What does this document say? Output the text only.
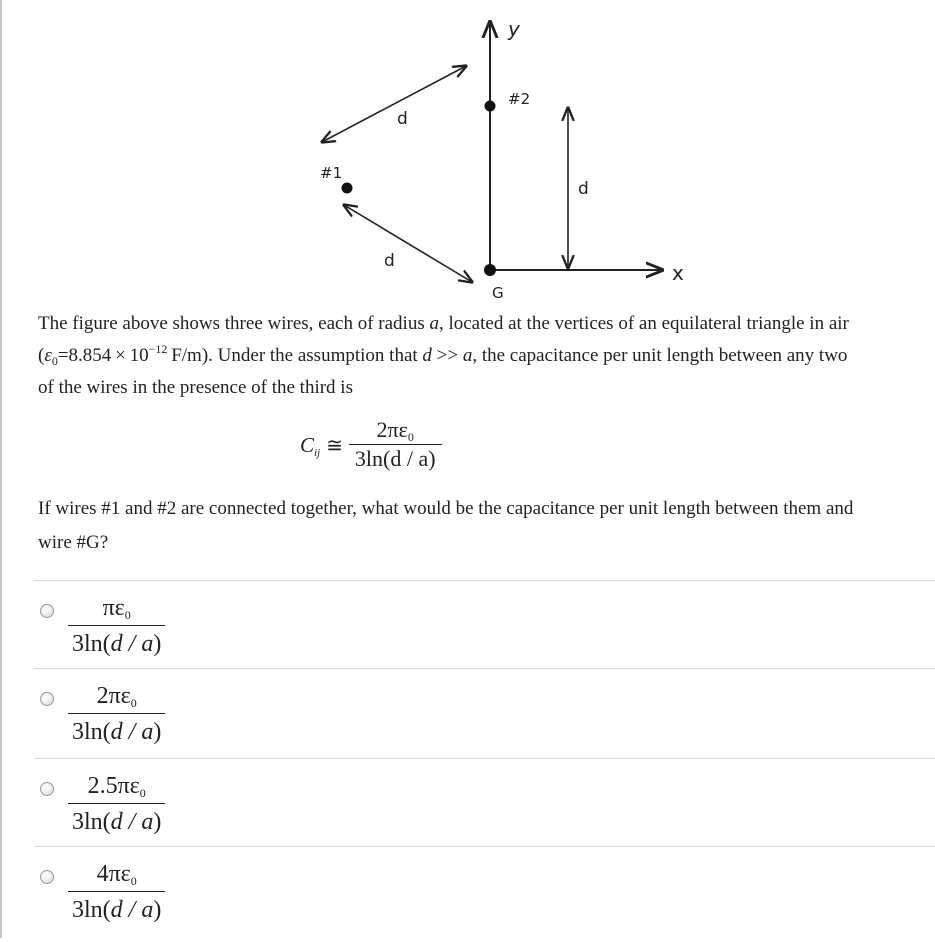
y
x
d
d
d
#1
#2
G

The figure above shows three wires, each of radius a, located at the vertices of an equilateral triangle in air ($\varepsilon_0=8.854 \times 10^{-12}$ F/m). Under the assumption that d >> a, the capacitance per unit length between any two of the wires in the presence of the third is

$C_{ij}$ ≅ $\frac{2\pi\varepsilon_0}{3\ln(d / a)}$

If wires #1 and #2 are connected together, what would be the capacitance per unit length between them and wire #G?

$\frac{\pi\varepsilon_0}{3\ln(d / a)}$
$\frac{2\pi\varepsilon_0}{3\ln(d / a)}$
$\frac{2.5\pi\varepsilon_0}{3\ln(d / a)}$
$\frac{4\pi\varepsilon_0}{3\ln(d / a)}$
